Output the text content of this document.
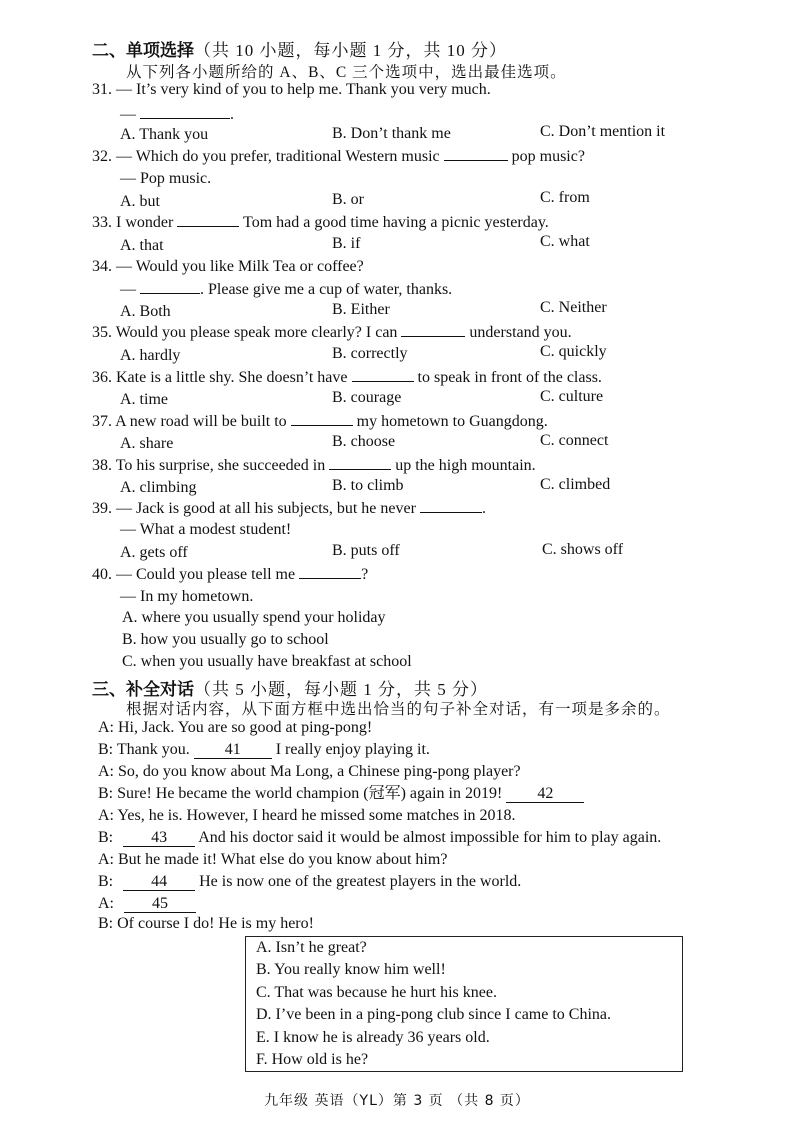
二、单项选择（共 10 小题，每小题 1 分，共 10 分）
从下列各小题所给的 A、B、C 三个选项中，选出最佳选项。
31. — It’s very kind of you to help me. Thank you very much.
—	.
A. Thank you	B. Don’t thank me	C. Don’t mention it
32. — Which do you prefer, traditional Western music	pop music?
— Pop music.
A. but	B. or	C. from
33. I wonder	Tom had a good time having a picnic yesterday.
A. that	B. if	C. what
34. — Would you like Milk Tea or coffee?
—	. Please give me a cup of water, thanks.
A. Both	B. Either	C. Neither
35. Would you please speak more clearly? I can	understand you.
A. hardly	B. correctly	C. quickly
36. Kate is a little shy. She doesn’t have	to speak in front of the class.
A. time	B. courage	C. culture
37. A new road will be built to	my hometown to Guangdong.
A. share	B. choose	C. connect
38. To his surprise, she succeeded in	up the high mountain.
A. climbing	B. to climb	C. climbed
39. — Jack is good at all his subjects, but he never	.
— What a modest student!
A. gets off	B. puts off	C. shows off
40. — Could you please tell me	?
— In my hometown.
A. where you usually spend your holiday
B. how you usually go to school
C. when you usually have breakfast at school
三、补全对话（共 5 小题，每小题 1 分，共 5 分）
根据对话内容，从下面方框中选出恰当的句子补全对话，有一项是多余的。
A: Hi, Jack. You are so good at ping-pong!
B: Thank you. 41 I really enjoy playing it.
A: So, do you know about Ma Long, a Chinese ping-pong player?
B: Sure! He became the world champion (冠军) again in 2019! 42
A: Yes, he is. However, I heard he missed some matches in 2018.
B: 43 And his doctor said it would be almost impossible for him to play again.
A: But he made it! What else do you know about him?
B: 44 He is now one of the greatest players in the world.
A: 45
B: Of course I do! He is my hero!
A. Isn’t he great?
B. You really know him well!
C. That was because he hurt his knee.
D. I’ve been in a ping-pong club since I came to China.
E. I know he is already 36 years old.
F. How old is he?
九年级 英语（YL）第 3 页 （共 8 页）
